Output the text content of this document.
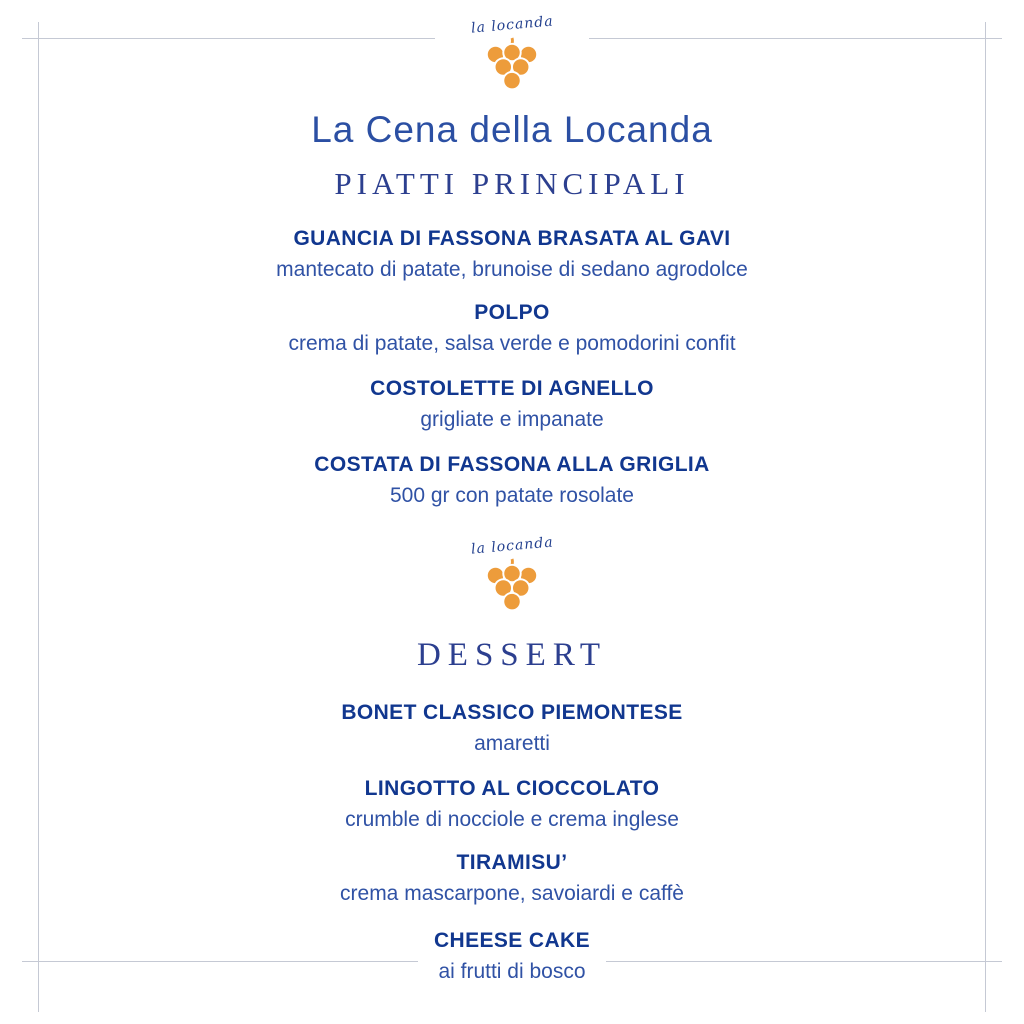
la locanda
La Cena della Locanda
PIATTI PRINCIPALI
GUANCIA DI FASSONA BRASATA AL GAVI
mantecato di patate, brunoise di sedano agrodolce
POLPO
crema di patate, salsa verde e pomodorini confit
COSTOLETTE DI AGNELLO
grigliate e impanate
COSTATA DI FASSONA ALLA GRIGLIA
500 gr con patate rosolate
la locanda
DESSERT
BONET CLASSICO PIEMONTESE
amaretti
LINGOTTO AL CIOCCOLATO
crumble di nocciole e crema inglese
TIRAMISU’
crema mascarpone, savoiardi e caffè
CHEESE CAKE
ai frutti di bosco
